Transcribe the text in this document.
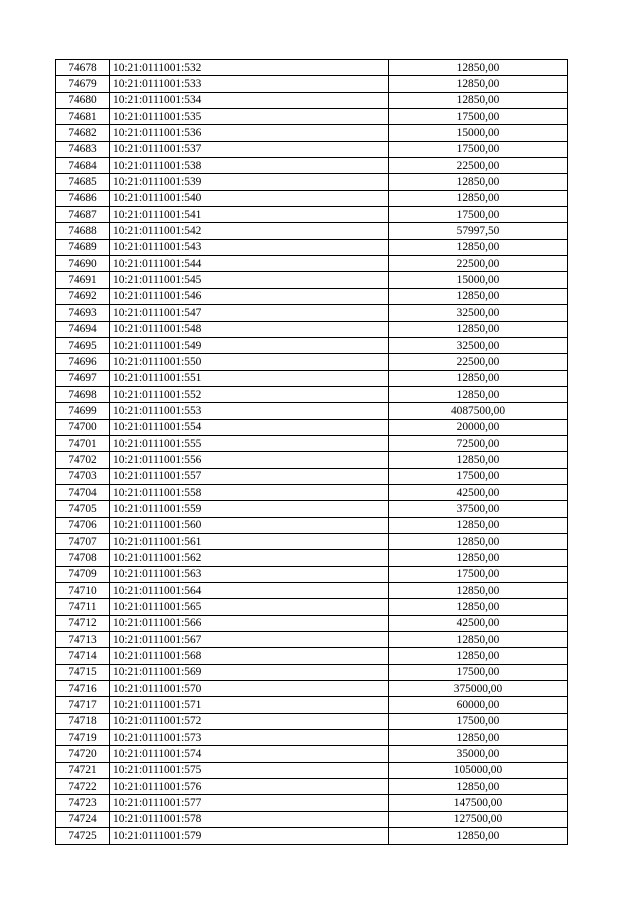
74678	10:21:0111001:532	12850,00
74679	10:21:0111001:533	12850,00
74680	10:21:0111001:534	12850,00
74681	10:21:0111001:535	17500,00
74682	10:21:0111001:536	15000,00
74683	10:21:0111001:537	17500,00
74684	10:21:0111001:538	22500,00
74685	10:21:0111001:539	12850,00
74686	10:21:0111001:540	12850,00
74687	10:21:0111001:541	17500,00
74688	10:21:0111001:542	57997,50
74689	10:21:0111001:543	12850,00
74690	10:21:0111001:544	22500,00
74691	10:21:0111001:545	15000,00
74692	10:21:0111001:546	12850,00
74693	10:21:0111001:547	32500,00
74694	10:21:0111001:548	12850,00
74695	10:21:0111001:549	32500,00
74696	10:21:0111001:550	22500,00
74697	10:21:0111001:551	12850,00
74698	10:21:0111001:552	12850,00
74699	10:21:0111001:553	4087500,00
74700	10:21:0111001:554	20000,00
74701	10:21:0111001:555	72500,00
74702	10:21:0111001:556	12850,00
74703	10:21:0111001:557	17500,00
74704	10:21:0111001:558	42500,00
74705	10:21:0111001:559	37500,00
74706	10:21:0111001:560	12850,00
74707	10:21:0111001:561	12850,00
74708	10:21:0111001:562	12850,00
74709	10:21:0111001:563	17500,00
74710	10:21:0111001:564	12850,00
74711	10:21:0111001:565	12850,00
74712	10:21:0111001:566	42500,00
74713	10:21:0111001:567	12850,00
74714	10:21:0111001:568	12850,00
74715	10:21:0111001:569	17500,00
74716	10:21:0111001:570	375000,00
74717	10:21:0111001:571	60000,00
74718	10:21:0111001:572	17500,00
74719	10:21:0111001:573	12850,00
74720	10:21:0111001:574	35000,00
74721	10:21:0111001:575	105000,00
74722	10:21:0111001:576	12850,00
74723	10:21:0111001:577	147500,00
74724	10:21:0111001:578	127500,00
74725	10:21:0111001:579	12850,00
